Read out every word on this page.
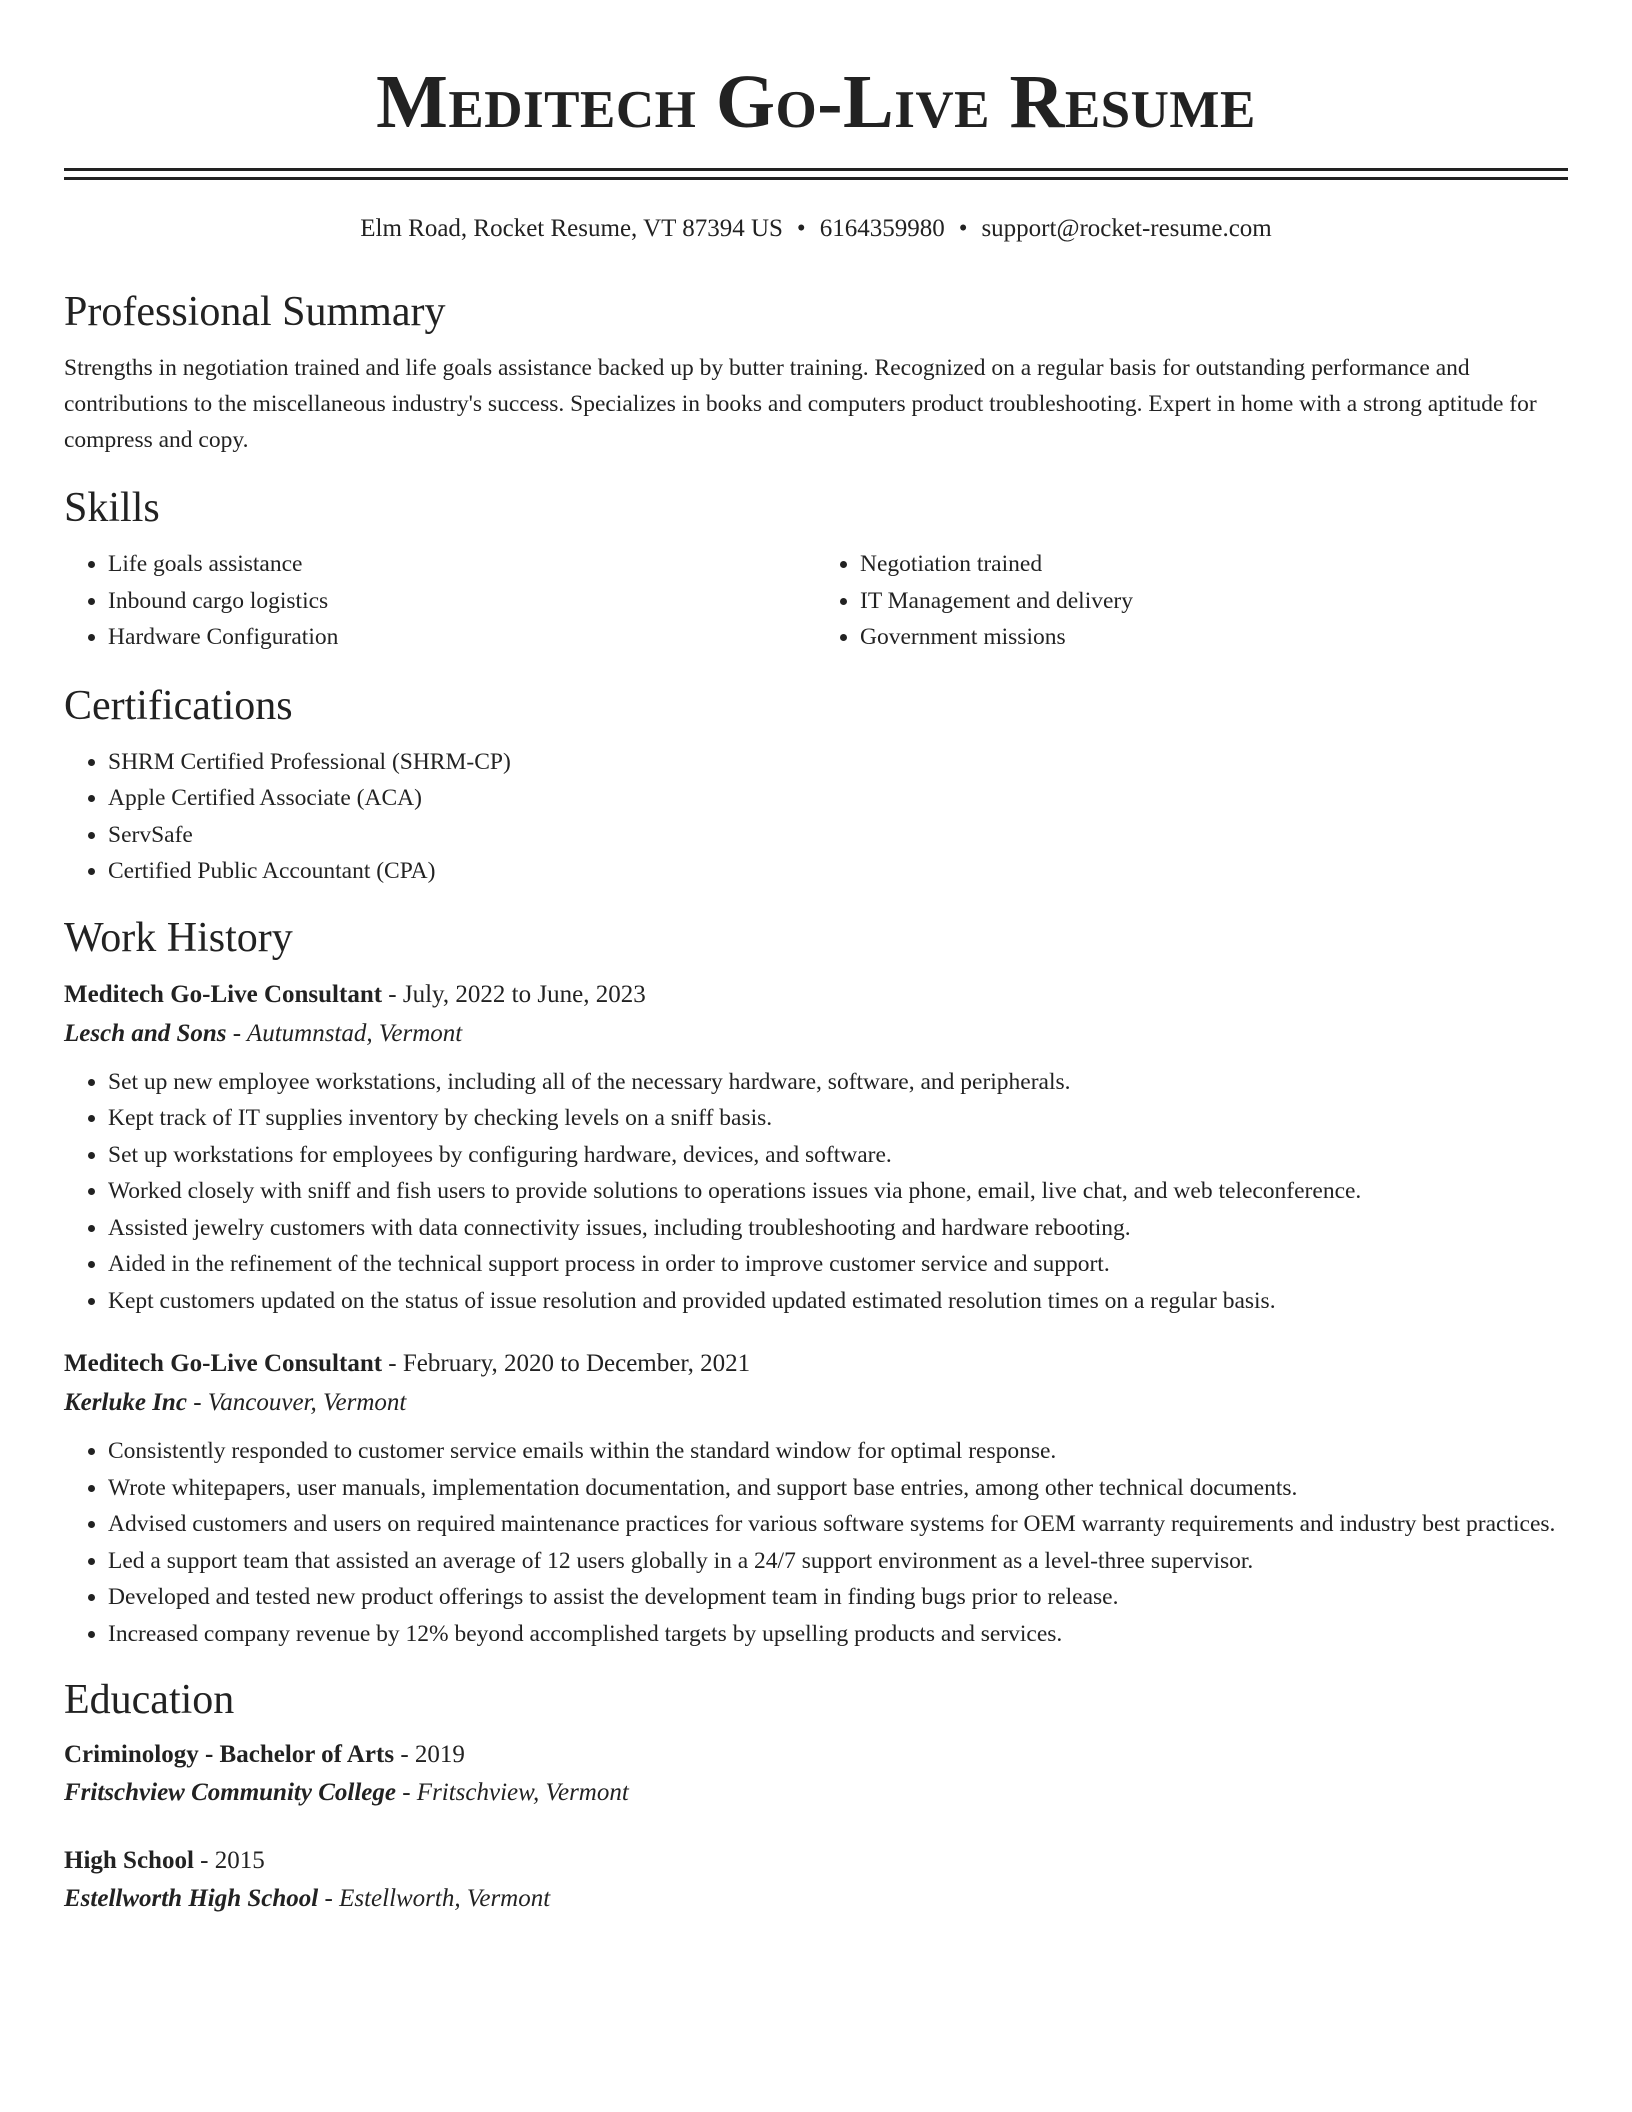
Meditech Go-Live Resume
Elm Road, Rocket Resume, VT 87394 US • 6164359980 • support@rocket-resume.com
Professional Summary

Strengths in negotiation trained and life goals assistance backed up by butter training. Recognized on a regular basis for outstanding performance and contributions to the miscellaneous industry's success. Specializes in books and computers product troubleshooting. Expert in home with a strong aptitude for compress and copy.

Skills
• Life goals assistance
• Inbound cargo logistics
• Hardware Configuration
• Negotiation trained
• IT Management and delivery
• Government missions
Certifications
• SHRM Certified Professional (SHRM-CP)
• Apple Certified Associate (ACA)
• ServSafe
• Certified Public Accountant (CPA)
Work History
Meditech Go-Live Consultant - July, 2022 to June, 2023
Lesch and Sons - Autumnstad, Vermont
• Set up new employee workstations, including all of the necessary hardware, software, and peripherals.
• Kept track of IT supplies inventory by checking levels on a sniff basis.
• Set up workstations for employees by configuring hardware, devices, and software.
• Worked closely with sniff and fish users to provide solutions to operations issues via phone, email, live chat, and web teleconference.
• Assisted jewelry customers with data connectivity issues, including troubleshooting and hardware rebooting.
• Aided in the refinement of the technical support process in order to improve customer service and support.
• Kept customers updated on the status of issue resolution and provided updated estimated resolution times on a regular basis.
Meditech Go-Live Consultant - February, 2020 to December, 2021
Kerluke Inc - Vancouver, Vermont
• Consistently responded to customer service emails within the standard window for optimal response.
• Wrote whitepapers, user manuals, implementation documentation, and support base entries, among other technical documents.
• Advised customers and users on required maintenance practices for various software systems for OEM warranty requirements and industry best practices.
• Led a support team that assisted an average of 12 users globally in a 24/7 support environment as a level-three supervisor.
• Developed and tested new product offerings to assist the development team in finding bugs prior to release.
• Increased company revenue by 12% beyond accomplished targets by upselling products and services.
Education
Criminology - Bachelor of Arts - 2019
Fritschview Community College - Fritschview, Vermont
High School - 2015
Estellworth High School - Estellworth, Vermont
